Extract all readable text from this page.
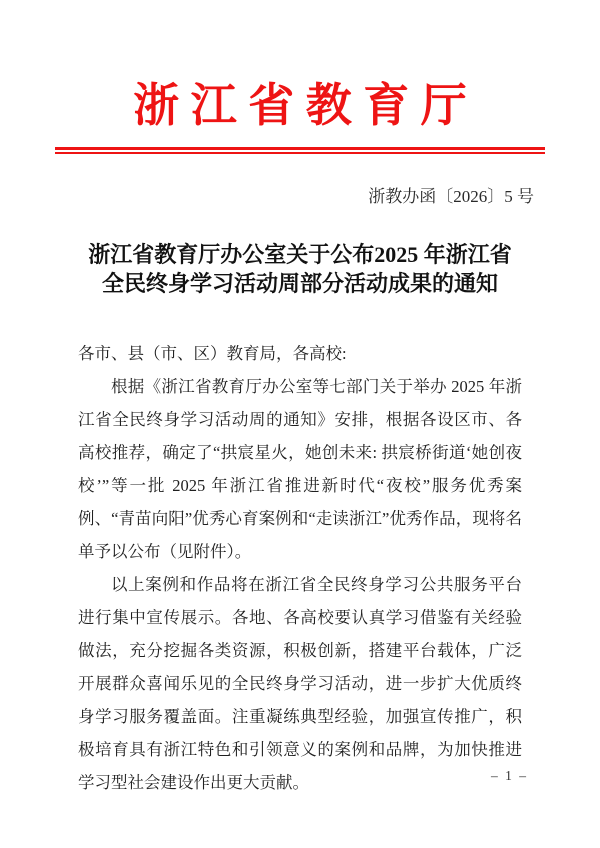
浙 江 省 教 育 厅
浙教办函〔2026〕5 号
浙江省教育厅办公室关于公布2025 年浙江省
全民终身学习活动周部分活动成果的通知

各市、县（市、区）教育局，各高校:

根据《浙江省教育厅办公室等七部门关于举办 2025 年浙江省全民终身学习活动周的通知》安排，根据各设区市、各高校推荐，确定了“拱宸星火，她创未来: 拱宸桥街道‘她创夜校’”等一批 2025 年浙江省推进新时代“夜校”服务优秀案例、“青苗向阳”优秀心育案例和“走读浙江”优秀作品，现将名单予以公布（见附件）。

以上案例和作品将在浙江省全民终身学习公共服务平台进行集中宣传展示。各地、各高校要认真学习借鉴有关经验做法，充分挖掘各类资源，积极创新，搭建平台载体，广泛开展群众喜闻乐见的全民终身学习活动，进一步扩大优质终身学习服务覆盖面。注重凝练典型经验，加强宣传推广，积极培育具有浙江特色和引领意义的案例和品牌，为加快推进学习型社会建设作出更大贡献。	– 1 –
